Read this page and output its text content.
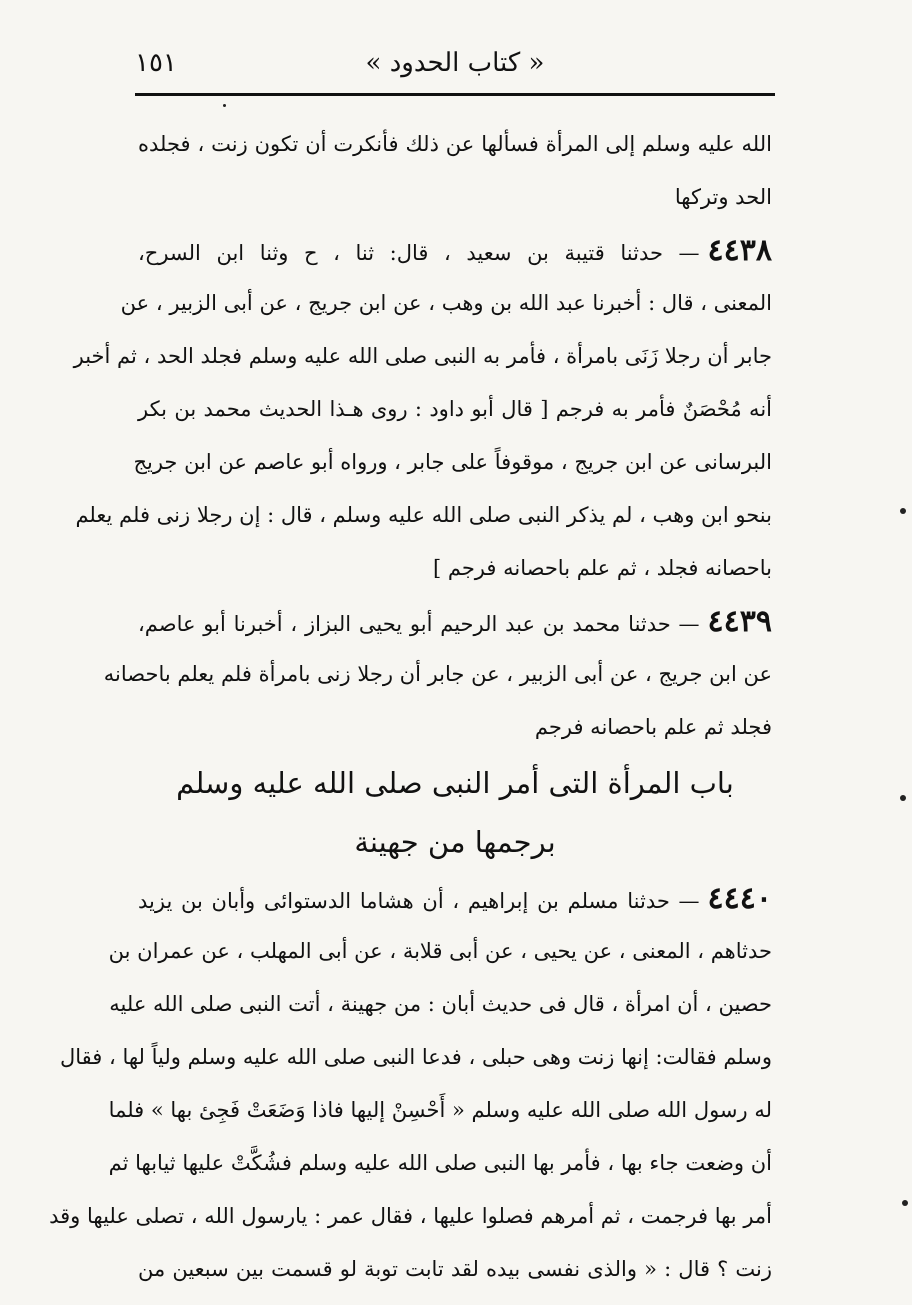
« كتاب الحدود »
١٥١
الله عليه وسلم إلى المرأة فسألها عن ذلك فأنكرت أن تكون زنت ، فجلده
الحد وتركها
٤٤٣٨— حدثنا قتيبة بن سعيد ، قال: ثنا ، ح وثنا ابن السرح،
المعنى ، قال : أخبرنا عبد الله بن وهب ، عن ابن جريج ، عن أبى الزبير ، عن
جابر أن رجلا زَنَى بامرأة ، فأمر به النبى صلى الله عليه وسلم فجلد الحد ، ثم أخبر
أنه مُحْصَنٌ فأمر به فرجم [ قال أبو داود : روى هـذا الحديث محمد بن بكر
البرسانى عن ابن جريج ، موقوفاً على جابر ، ورواه أبو عاصم عن ابن جريج
بنحو ابن وهب ، لم يذكر النبى صلى الله عليه وسلم ، قال : إن رجلا زنى فلم يعلم
باحصانه فجلد ، ثم علم باحصانه فرجم ]
٤٤٣٩— حدثنا محمد بن عبد الرحيم أبو يحيى البزاز ، أخبرنا أبو عاصم،
عن ابن جريج ، عن أبى الزبير ، عن جابر أن رجلا زنى بامرأة فلم يعلم باحصانه
فجلد ثم علم باحصانه فرجم
باب المرأة التى أمر النبى صلى الله عليه وسلم
برجمها من جهينة
٤٤٤٠— حدثنا مسلم بن إبراهيم ، أن هشاما الدستوائى وأبان بن يزيد
حدثاهم ، المعنى ، عن يحيى ، عن أبى قلابة ، عن أبى المهلب ، عن عمران بن
حصين ، أن امرأة ، قال فى حديث أبان : من جهينة ، أتت النبى صلى الله عليه
وسلم فقالت: إنها زنت وهى حبلى ، فدعا النبى صلى الله عليه وسلم ولياً لها ، فقال
له رسول الله صلى الله عليه وسلم « أَحْسِنْ إليها فاذا وَضَعَتْ فَجِئ بها » فلما
أن وضعت جاء بها ، فأمر بها النبى صلى الله عليه وسلم فشُكَّتْ عليها ثيابها ثم
أمر بها فرجمت ، ثم أمرهم فصلوا عليها ، فقال عمر : يارسول الله ، تصلى عليها وقد
زنت ؟ قال : « والذى نفسى بيده لقد تابت توبة لو قسمت بين سبعين من
